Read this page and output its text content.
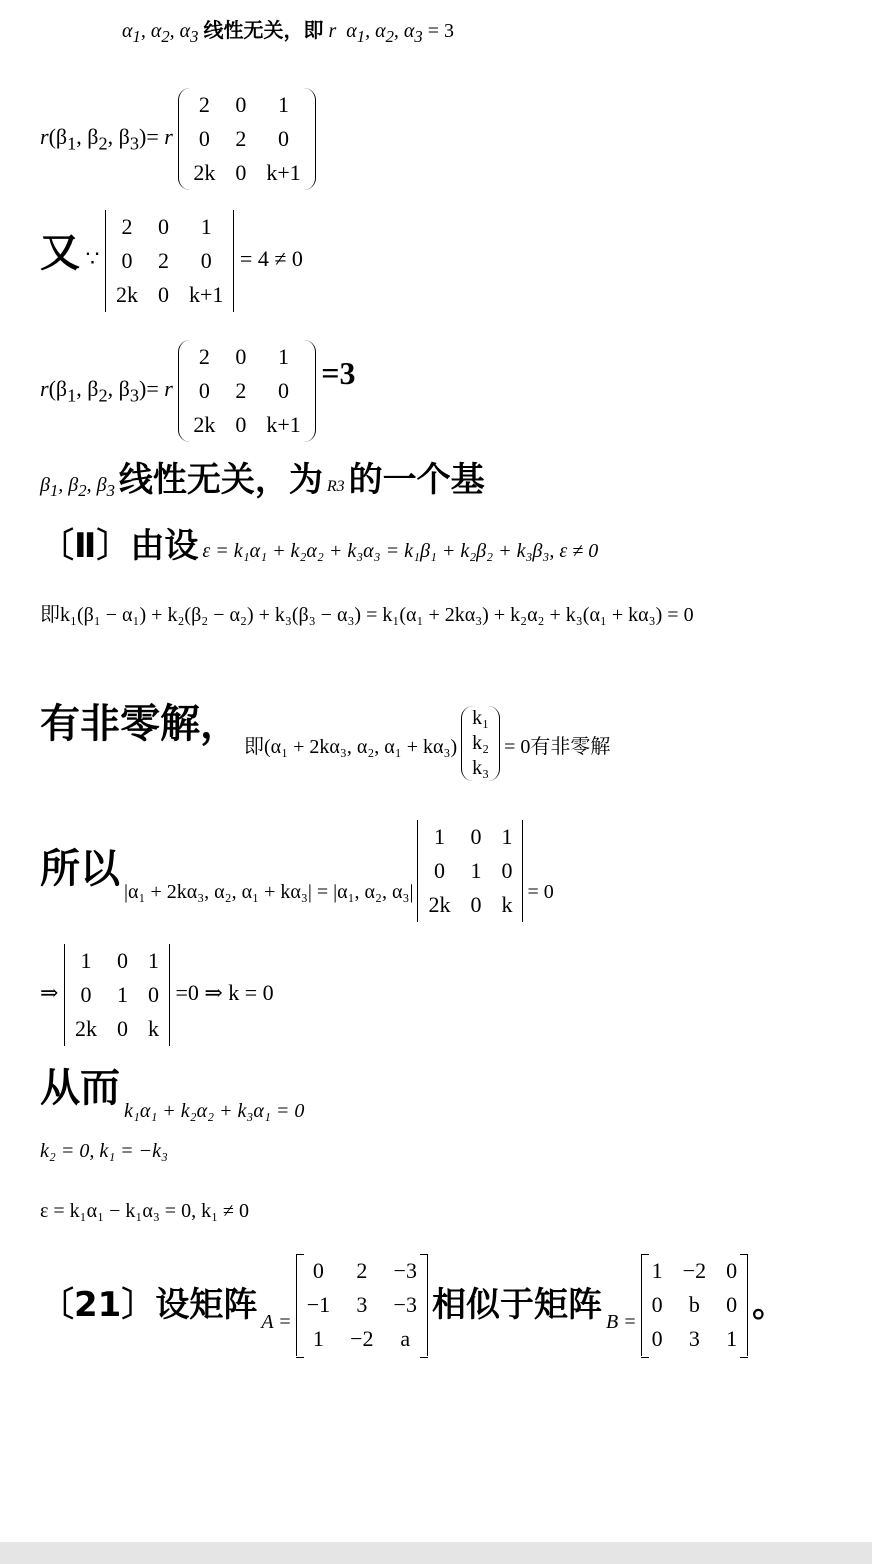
$\alpha_1$, $\alpha_2$, $\alpha_3$ 线性无关，即 r  $\alpha_1$, $\alpha_2$, $\alpha_3 = 3$
$r(\beta_1$, $\beta_2$, $\beta_3)= r$
2	0	1
0	2	0
2k	0	k+1
又 ∵
2	0	1
0	2	0
2k	0	k+1
= 4 ≠ 0
$r(\beta_1$, $\beta_2$, $\beta_3)= r$
2	0	1
0	2	0
2k	0	k+1
=3
$\beta_1$, $\beta_2$, $\beta_3$ 线性无关，为 R3 的一个基
〔Ⅱ〕由设 ε = k₁α₁ + k₂α₂ + k₃α₃ = k₁β₁ + k₂β₂ + k₃β₃, ε ≠ 0
即k₁(β₁ − α₁) + k₂(β₂ − α₂) + k₃(β₃ − α₃) = k₁(α₁ + 2kα₃) + k₂α₂ + k₃(α₁ + kα₃) = 0
有非零解， 即(α₁ + 2kα₃, α₂, α₁ + kα₃)
k₁
k₂
k₃
= 0有非零解
所以 |α₁ + 2kα₃, α₂, α₁ + kα₃| = |α₁, α₂, α₃|
1	0	1
0	1	0
2k	0	k = 0
⇒
1	0	1
0	1	0
2k	0	k
=0 ⇒ k = 0
从而 k₁α₁ + k₂α₂ + k₃α₁ = 0
k₂ = 0, k₁ = −k₃
ε = k₁α₁ − k₁α₃ = 0, k₁ ≠ 0
〔21〕设矩阵 A =
0	2	−3
−1	3	−3
1	−2	a
相似于矩阵 B =
1	−2	0
0	b	0
0	3	1
。
